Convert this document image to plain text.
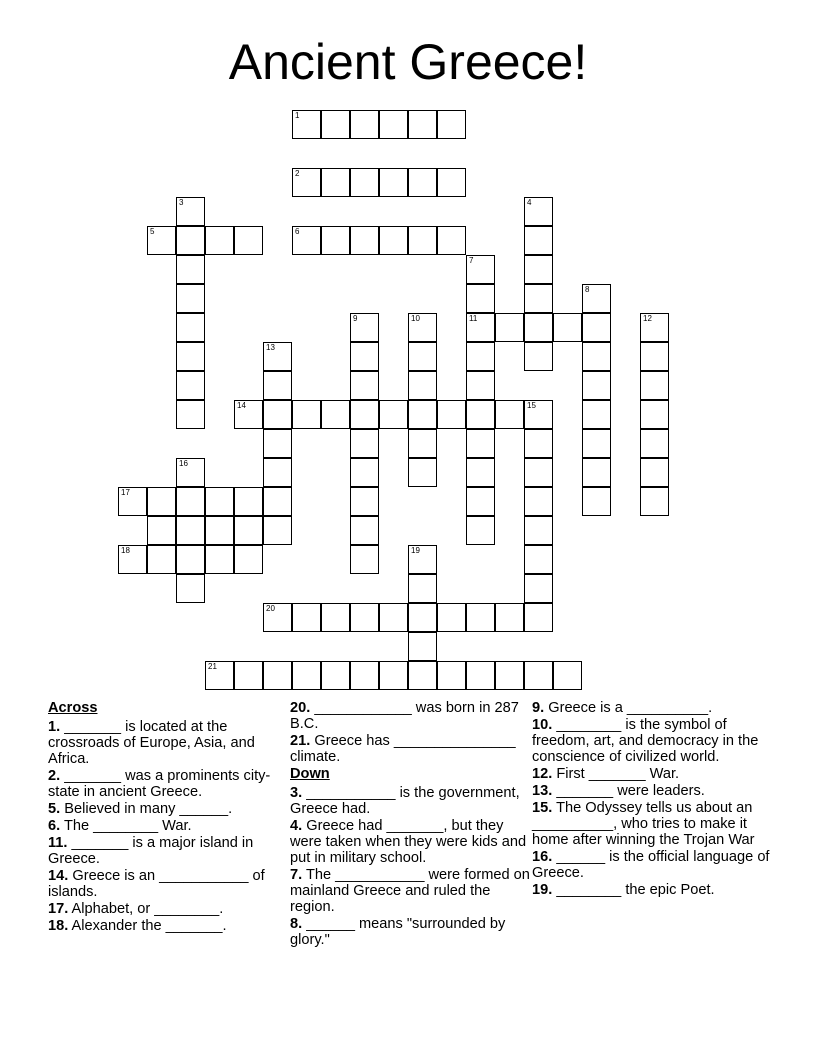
Ancient Greece!
1
2
3	4
5	6
7
11
8
9	10	12
13
14	15
16
17
18	19
20
21
Across
1. _______ is located at the crossroads of Europe, Asia, and Africa.
2. _______ was a prominents city-state in ancient Greece.
5. Believed in many ______.
6. The ________ War.
11. _______ is a major island in Greece.
14. Greece is an ___________ of islands.
17. Alphabet, or ________.
18. Alexander the _______.
20. ____________ was born in 287 B.C.
21. Greece has _______________ climate.
Down
3. ___________ is the government, Greece had.
4. Greece had _______, but they were taken when they were kids and put in military school.
7. The ___________ were formed on mainland Greece and ruled the region.
8. ______ means "surrounded by glory."
9. Greece is a __________.
10. ________ is the symbol of freedom, art, and democracy in the conscience of civilized world.
12. First _______ War.
13. _______ were leaders.
15. The Odyssey tells us about an __________, who tries to make it home after winning the Trojan War
16. ______ is the official language of Greece.
19. ________ the epic Poet.
